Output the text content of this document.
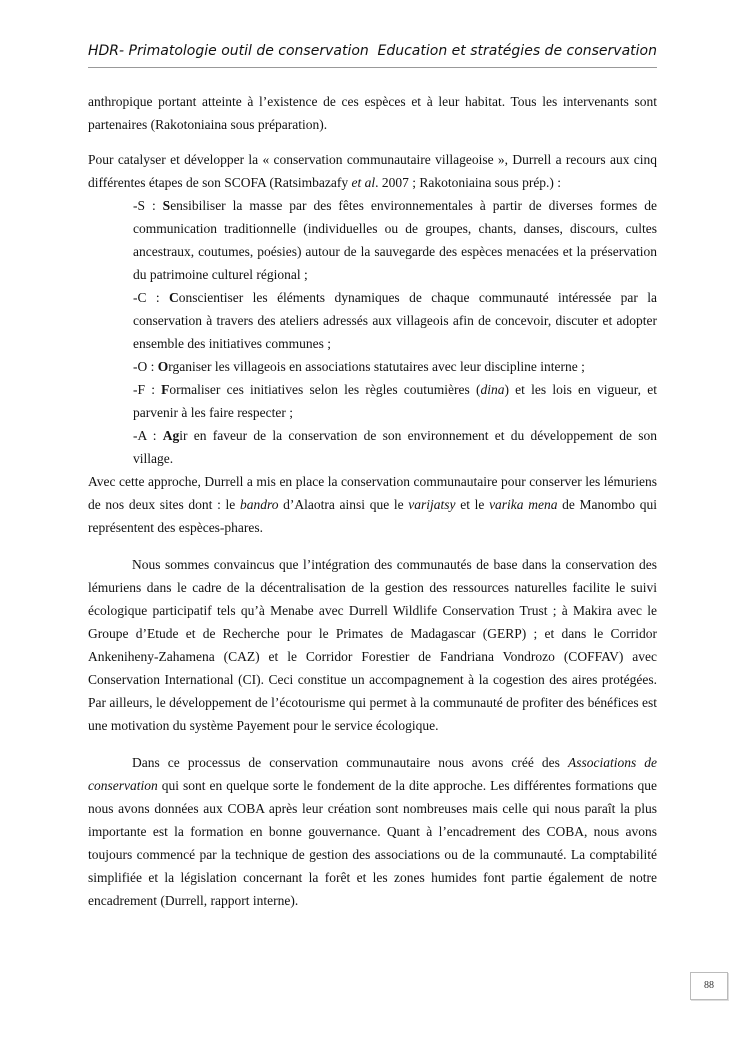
HDR- Primatologie outil de conservation Education et stratégies de conservation

anthropique portant atteinte à l’existence de ces espèces et à leur habitat. Tous les intervenants sont partenaires (Rakotoniaina sous préparation).

Pour catalyser et développer la « conservation communautaire villageoise », Durrell a recours aux cinq différentes étapes de son SCOFA (Ratsimbazafy et al. 2007 ; Rakotoniaina sous prép.) :

-S : Sensibiliser la masse par des fêtes environnementales à partir de diverses formes de communication traditionnelle (individuelles ou de groupes, chants, danses, discours, cultes ancestraux, coutumes, poésies) autour de la sauvegarde des espèces menacées et la préservation du patrimoine culturel régional ;
-C : Conscientiser les éléments dynamiques de chaque communauté intéressée par la conservation à travers des ateliers adressés aux villageois afin de concevoir, discuter et adopter ensemble des initiatives communes ;
-O : Organiser les villageois en associations statutaires avec leur discipline interne ;
-F : Formaliser ces initiatives selon les règles coutumières (dina) et les lois en vigueur, et parvenir à les faire respecter ;
-A : Agir en faveur de la conservation de son environnement et du développement de son village.

Avec cette approche, Durrell a mis en place la conservation communautaire pour conserver les lémuriens de nos deux sites dont : le bandro d’Alaotra ainsi que le varijatsy et le varika mena de Manombo qui représentent des espèces-phares.

Nous sommes convaincus que l’intégration des communautés de base dans la conservation des lémuriens dans le cadre de la décentralisation de la gestion des ressources naturelles facilite le suivi écologique participatif tels qu’à Menabe avec Durrell Wildlife Conservation Trust ; à Makira avec le Groupe d’Etude et de Recherche pour le Primates de Madagascar (GERP) ; et dans le Corridor Ankeniheny-Zahamena (CAZ) et le Corridor Forestier de Fandriana Vondrozo (COFFAV) avec Conservation International (CI). Ceci constitue un accompagnement à la cogestion des aires protégées. Par ailleurs, le développement de l’écotourisme qui permet à la communauté de profiter des bénéfices est une motivation du système Payement pour le service écologique.

Dans ce processus de conservation communautaire nous avons créé des Associations de conservation qui sont en quelque sorte le fondement de la dite approche. Les différentes formations que nous avons données aux COBA après leur création sont nombreuses mais celle qui nous paraît la plus importante est la formation en bonne gouvernance. Quant à l’encadrement des COBA, nous avons toujours commencé par la technique de gestion des associations ou de la communauté. La comptabilité simplifiée et la législation concernant la forêt et les zones humides font partie également de notre encadrement (Durrell, rapport interne).

88
